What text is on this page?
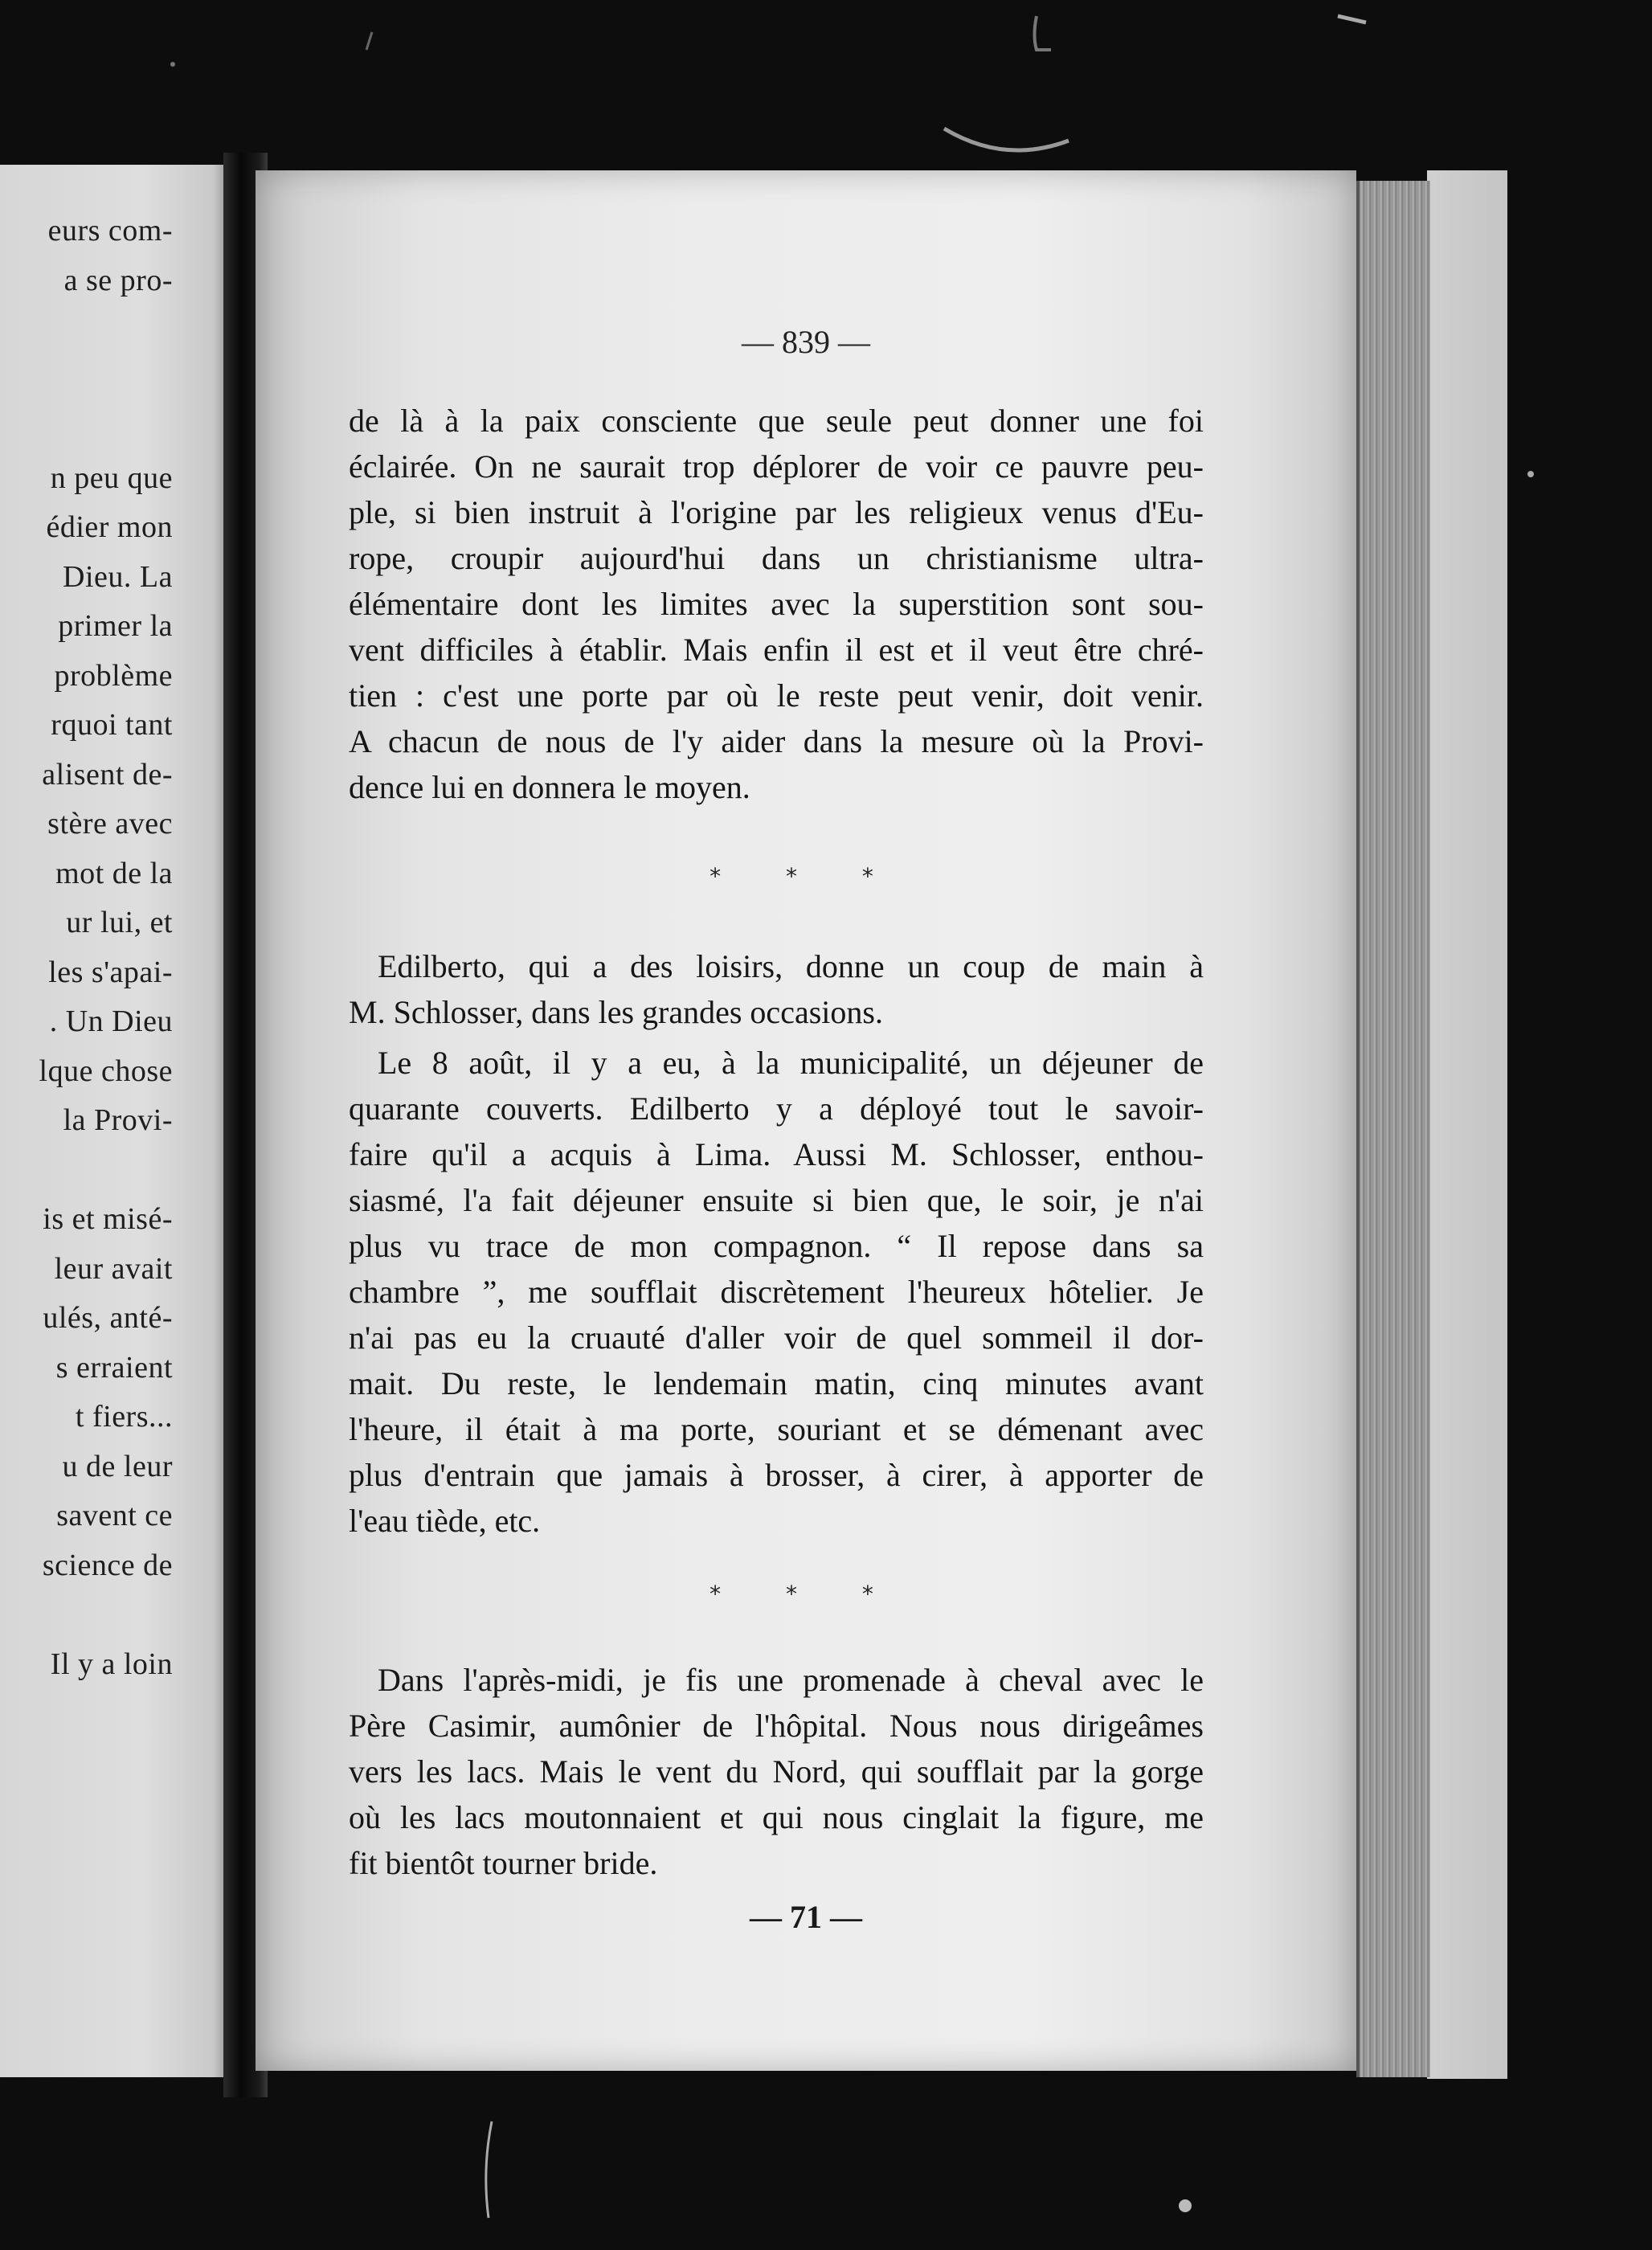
eurs com-
a se pro-
n peu que
édier mon
Dieu. La
primer la
problème
rquoi tant
alisent de-
stère avec
mot de la
ur lui, et
les s'apai-
. Un Dieu
lque chose
la Provi-
is et misé-
leur avait
ulés, anté-
s erraient
t fiers...
u de leur
savent ce
science de
Il y a loin
— 839 —
de là à la paix consciente que seule peut donner une foi
éclairée. On ne saurait trop déplorer de voir ce pauvre peu-
ple, si bien instruit à l'origine par les religieux venus d'Eu-
rope, croupir aujourd'hui dans un christianisme ultra-
élémentaire dont les limites avec la superstition sont sou-
vent difficiles à établir. Mais enfin il est et il veut être chré-
tien : c'est une porte par où le reste peut venir, doit venir.
A chacun de nous de l'y aider dans la mesure où la Provi-
dence lui en donnera le moyen.
* * *
Edilberto, qui a des loisirs, donne un coup de main à
M. Schlosser, dans les grandes occasions.
Le 8 août, il y a eu, à la municipalité, un déjeuner de
quarante couverts. Edilberto y a déployé tout le savoir-
faire qu'il a acquis à Lima. Aussi M. Schlosser, enthou-
siasmé, l'a fait déjeuner ensuite si bien que, le soir, je n'ai
plus vu trace de mon compagnon. “ Il repose dans sa
chambre ”, me soufflait discrètement l'heureux hôtelier. Je
n'ai pas eu la cruauté d'aller voir de quel sommeil il dor-
mait. Du reste, le lendemain matin, cinq minutes avant
l'heure, il était à ma porte, souriant et se démenant avec
plus d'entrain que jamais à brosser, à cirer, à apporter de
l'eau tiède, etc.
* * *
Dans l'après-midi, je fis une promenade à cheval avec le
Père Casimir, aumônier de l'hôpital. Nous nous dirigeâmes
vers les lacs. Mais le vent du Nord, qui soufflait par la gorge
où les lacs moutonnaient et qui nous cinglait la figure, me
fit bientôt tourner bride.
— 71 —
